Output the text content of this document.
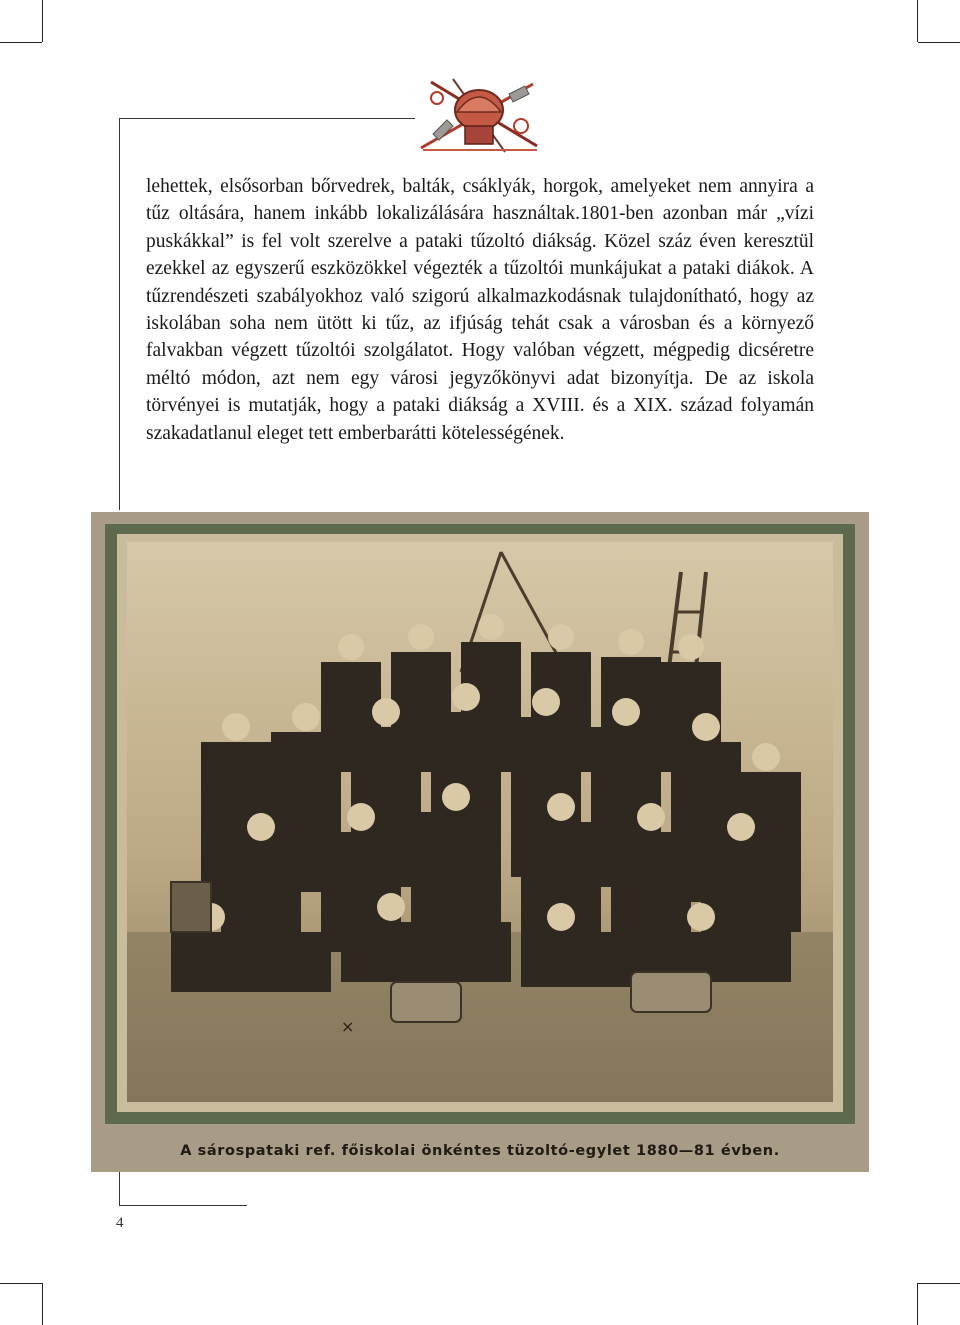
lehettek, elsősorban bőrvedrek, balták, csáklyák, horgok, amelyeket nem annyira a tűz oltására, hanem inkább lokalizálására használtak.1801-ben azonban már „vízi puskákkal” is fel volt szerelve a pataki tűzoltó diákság. Közel száz éven keresztül ezekkel az egyszerű eszközökkel végezték a tűzoltói munkájukat a pataki diákok. A tűzrendészeti szabályokhoz való szigorú alkalmazkodásnak tulajdonítható, hogy az iskolában soha nem ütött ki tűz, az ifjúság tehát csak a városban és a környező falvakban végzett tűzoltói szolgálatot. Hogy valóban végzett, mégpedig dicséretre méltó módon, azt nem egy városi jegyzőkönyvi adat bizonyítja. De az iskola törvényei is mutatják, hogy a pataki diákság a XVIII. és a XIX. század folyamán szakadatlanul eleget tett emberbarátti kötelességének.

×
A sárospataki ref. főiskolai önkéntes tüzoltó-egylet 1880—81 évben.
4
